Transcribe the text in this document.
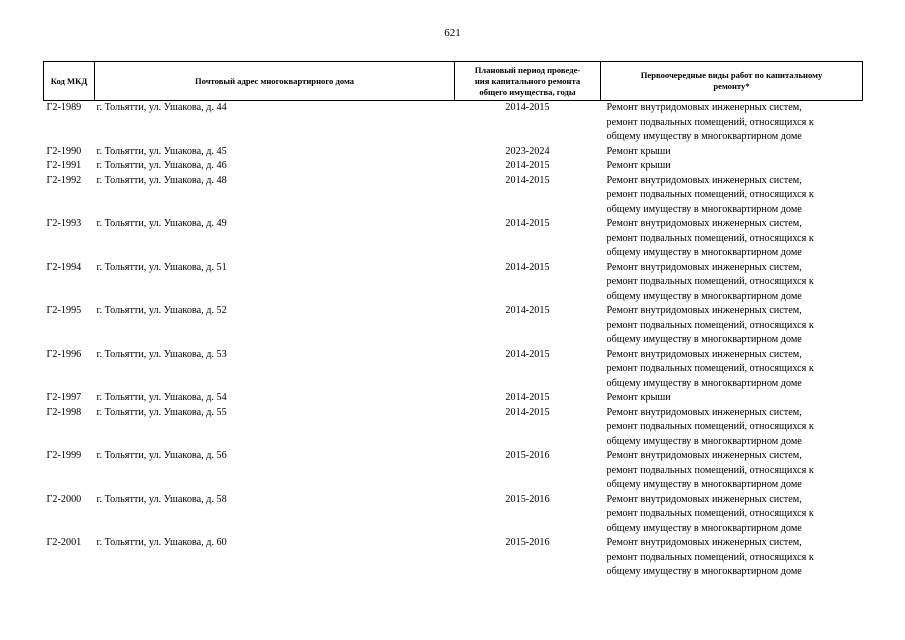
621
Код МКД	Почтовый адрес многоквартирного дома	Плановый период проведе-
ния капитального ремонта
общего имущества, годы	Первоочередные виды работ по капитальному
ремонту*

Г2-1989	г. Тольятти, ул. Ушакова, д. 44	2014-2015	Ремонт внутридомовых инженерных систем,
ремонт подвальных помещений, относящихся к
общему имуществу в многоквартирном доме

Г2-1990	г. Тольятти, ул. Ушакова, д. 45	2023-2024	Ремонт крыши

Г2-1991	г. Тольятти, ул. Ушакова, д. 46	2014-2015	Ремонт крыши

Г2-1992	г. Тольятти, ул. Ушакова, д. 48	2014-2015	Ремонт внутридомовых инженерных систем,
ремонт подвальных помещений, относящихся к
общему имуществу в многоквартирном доме

Г2-1993	г. Тольятти, ул. Ушакова, д. 49	2014-2015	Ремонт внутридомовых инженерных систем,
ремонт подвальных помещений, относящихся к
общему имуществу в многоквартирном доме

Г2-1994	г. Тольятти, ул. Ушакова, д. 51	2014-2015	Ремонт внутридомовых инженерных систем,
ремонт подвальных помещений, относящихся к
общему имуществу в многоквартирном доме

Г2-1995	г. Тольятти, ул. Ушакова, д. 52	2014-2015	Ремонт внутридомовых инженерных систем,
ремонт подвальных помещений, относящихся к
общему имуществу в многоквартирном доме

Г2-1996	г. Тольятти, ул. Ушакова, д. 53	2014-2015	Ремонт внутридомовых инженерных систем,
ремонт подвальных помещений, относящихся к
общему имуществу в многоквартирном доме

Г2-1997	г. Тольятти, ул. Ушакова, д. 54	2014-2015	Ремонт крыши

Г2-1998	г. Тольятти, ул. Ушакова, д. 55	2014-2015	Ремонт внутридомовых инженерных систем,
ремонт подвальных помещений, относящихся к
общему имуществу в многоквартирном доме

Г2-1999	г. Тольятти, ул. Ушакова, д. 56	2015-2016	Ремонт внутридомовых инженерных систем,
ремонт подвальных помещений, относящихся к
общему имуществу в многоквартирном доме

Г2-2000	г. Тольятти, ул. Ушакова, д. 58	2015-2016	Ремонт внутридомовых инженерных систем,
ремонт подвальных помещений, относящихся к
общему имуществу в многоквартирном доме

Г2-2001	г. Тольятти, ул. Ушакова, д. 60	2015-2016	Ремонт внутридомовых инженерных систем,
ремонт подвальных помещений, относящихся к
общему имуществу в многоквартирном доме
